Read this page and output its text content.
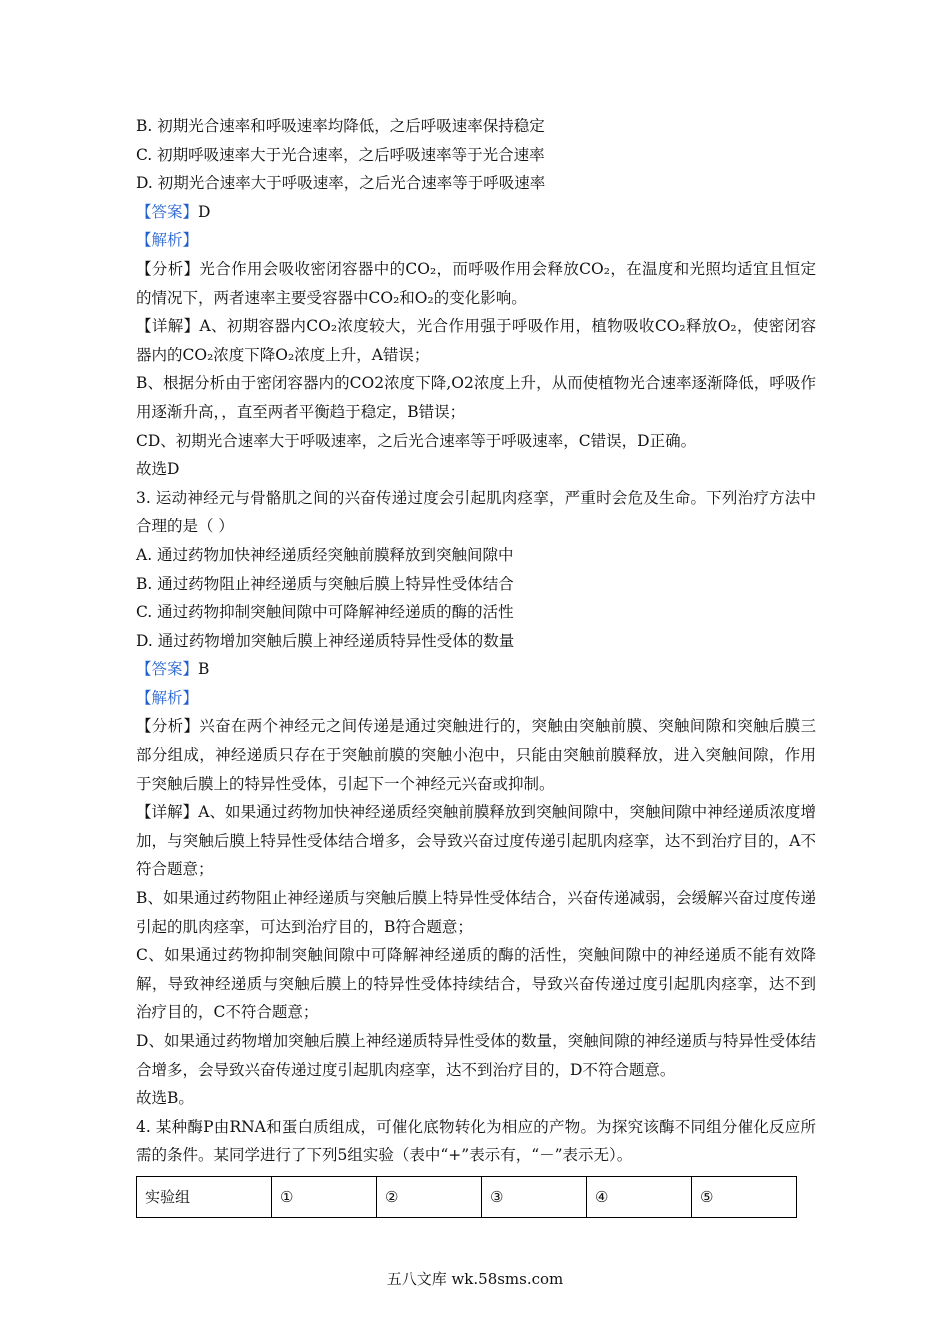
B. 初期光合速率和呼吸速率均降低，之后呼吸速率保持稳定
C. 初期呼吸速率大于光合速率，之后呼吸速率等于光合速率
D. 初期光合速率大于呼吸速率，之后光合速率等于呼吸速率
【答案】D
【解析】
【分析】光合作用会吸收密闭容器中的CO₂，而呼吸作用会释放CO₂，在温度和光照均适宜且恒定的情况下，两者速率主要受容器中CO₂和O₂的变化影响。
【详解】A、初期容器内CO₂浓度较大，光合作用强于呼吸作用，植物吸收CO₂释放O₂，使密闭容器内的CO₂浓度下降O₂浓度上升，A错误；
B、根据分析由于密闭容器内的CO2浓度下降,O2浓度上升，从而使植物光合速率逐渐降低，呼吸作用逐渐升高，，直至两者平衡趋于稳定，B错误；
CD、初期光合速率大于呼吸速率，之后光合速率等于呼吸速率，C错误，D正确。
故选D
3. 运动神经元与骨骼肌之间的兴奋传递过度会引起肌肉痉挛，严重时会危及生命。下列治疗方法中合理的是（ ）
A. 通过药物加快神经递质经突触前膜释放到突触间隙中
B. 通过药物阻止神经递质与突触后膜上特异性受体结合
C. 通过药物抑制突触间隙中可降解神经递质的酶的活性
D. 通过药物增加突触后膜上神经递质特异性受体的数量
【答案】B
【解析】
【分析】兴奋在两个神经元之间传递是通过突触进行的，突触由突触前膜、突触间隙和突触后膜三部分组成，神经递质只存在于突触前膜的突触小泡中，只能由突触前膜释放，进入突触间隙，作用于突触后膜上的特异性受体，引起下一个神经元兴奋或抑制。
【详解】A、如果通过药物加快神经递质经突触前膜释放到突触间隙中，突触间隙中神经递质浓度增加，与突触后膜上特异性受体结合增多，会导致兴奋过度传递引起肌肉痉挛，达不到治疗目的，A不符合题意；
B、如果通过药物阻止神经递质与突触后膜上特异性受体结合，兴奋传递减弱，会缓解兴奋过度传递引起的肌肉痉挛，可达到治疗目的，B符合题意；
C、如果通过药物抑制突触间隙中可降解神经递质的酶的活性，突触间隙中的神经递质不能有效降解，导致神经递质与突触后膜上的特异性受体持续结合，导致兴奋传递过度引起肌肉痉挛，达不到治疗目的，C不符合题意；
D、如果通过药物增加突触后膜上神经递质特异性受体的数量，突触间隙的神经递质与特异性受体结合增多，会导致兴奋传递过度引起肌肉痉挛，达不到治疗目的，D不符合题意。
故选B。
4. 某种酶P由RNA和蛋白质组成，可催化底物转化为相应的产物。为探究该酶不同组分催化反应所需的条件。某同学进行了下列5组实验（表中“+”表示有，“－”表示无）。
实验组	①	②	③	④	⑤
五八文库 wk.58sms.com
